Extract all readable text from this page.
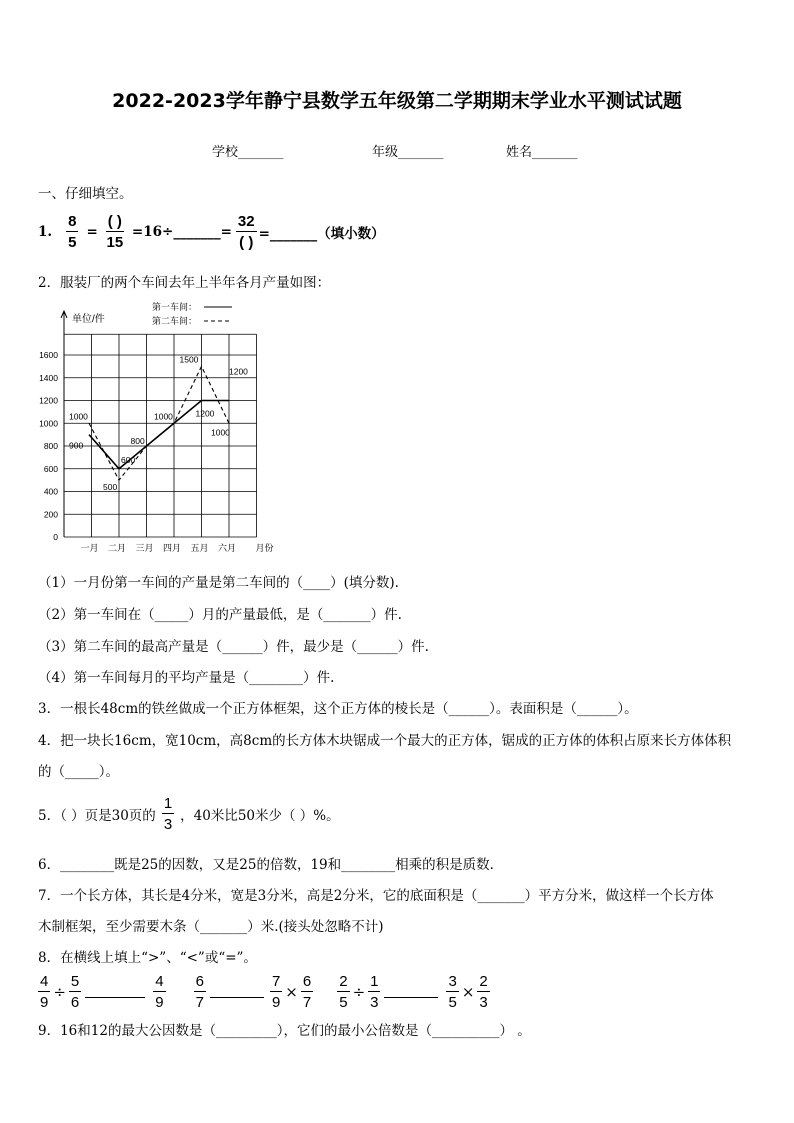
2022-2023学年静宁县数学五年级第二学期期末学业水平测试试题
学校_______	年级_______	姓名_______
一、仔细填空。
1. $\frac{8}{5} = \frac{( )}{15}$ =16÷_______= $\frac{32}{( )}$ =_______（填小数）
2．服装厂的两个车间去年上半年各月产量如图：
单位/件
0
200
400
600
800
1000
1200
1400
1600
一月 二月 三月 四月 五月 六月 月份
900
600
800
1000	1200
1200
1000
500
1500
1000
第一车间：
第二车间：
（1）一月份第一车间的产量是第二车间的（____）(填分数).
（2）第一车间在（_____）月的产量最低，是（_______）件.
（3）第二车间的最高产量是（______）件，最少是（______）件.
（4）第一车间每月的平均产量是（________）件.
3．一根长48cm的铁丝做成一个正方体框架，这个正方体的棱长是（______）。表面积是（______）。
4．把一块长16cm，宽10cm，高8cm的长方体木块锯成一个最大的正方体，锯成的正方体的体积占原来长方体体积
的（_____）。
5．（ ）页是30页的 $\frac{1}{3}$ ，40米比50米少（ ）%。
6．________既是25的因数，又是25的倍数，19和________相乘的积是质数．
7．一个长方体，其长是4分米，宽是3分米，高是2分米，它的底面积是（_______）平方分米，做这样一个长方体
木制框架，至少需要木条（_______）米.(接头处忽略不计)
8．在横线上填上“>”、“<”或“=”。
$\frac{4}{9} \div \frac{5}{6}$	$\frac{4}{9} \frac{6}{7}$	$\frac{7}{9} \times \frac{6}{7} \frac{2}{5} \div \frac{1}{3}$	$\frac{3}{5} \times \frac{2}{3}$
9．16和12的最大公因数是（_________），它们的最小公倍数是（__________） 。
